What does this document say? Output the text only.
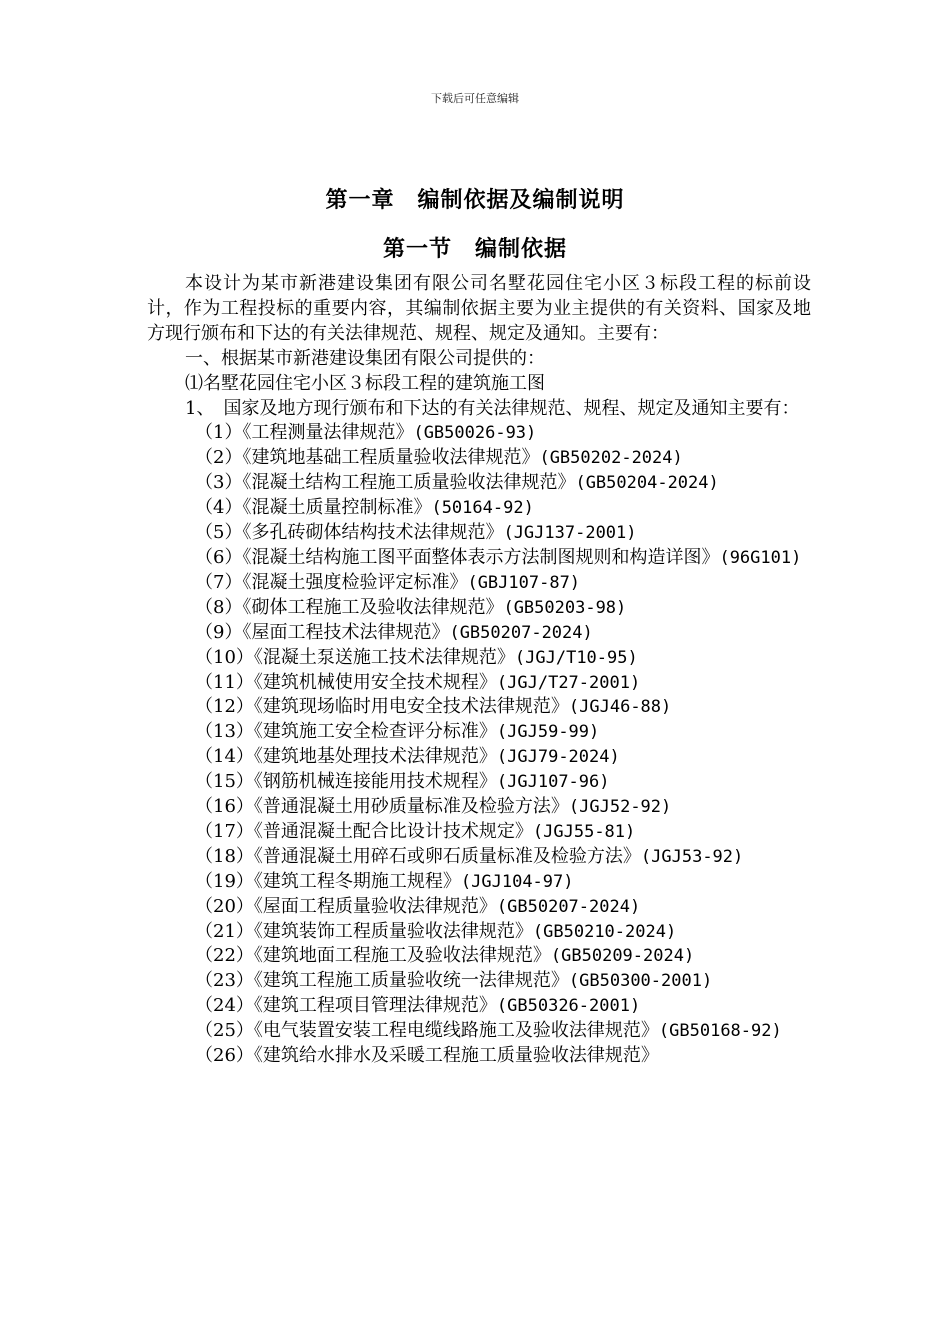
下载后可任意编辑
第一章　编制依据及编制说明
第一节　编制依据

本设计为某市新港建设集团有限公司名墅花园住宅小区３标段工程的标前设计，作为工程投标的重要内容，其编制依据主要为业主提供的有关资料、国家及地方现行颁布和下达的有关法律规范、规程、规定及通知。主要有：

一、根据某市新港建设集团有限公司提供的：

⑴名墅花园住宅小区３标段工程的建筑施工图

1、　国家及地方现行颁布和下达的有关法律规范、规程、规定及通知主要有：

（1）《工程测量法律规范》(GB50026-93)

（2）《建筑地基础工程质量验收法律规范》(GB50202-2024)

（3）《混凝土结构工程施工质量验收法律规范》(GB50204-2024)

（4）《混凝土质量控制标准》(50164-92)

（5）《多孔砖砌体结构技术法律规范》(JGJ137-2001)

（6）《混凝土结构施工图平面整体表示方法制图规则和构造详图》(96G101)

（7）《混凝土强度检验评定标准》(GBJ107-87)

（8）《砌体工程施工及验收法律规范》(GB50203-98)

（9）《屋面工程技术法律规范》(GB50207-2024)

（10）《混凝土泵送施工技术法律规范》(JGJ/T10-95)

（11）《建筑机械使用安全技术规程》(JGJ/T27-2001)

（12）《建筑现场临时用电安全技术法律规范》(JGJ46-88)

（13）《建筑施工安全检查评分标准》(JGJ59-99)

（14）《建筑地基处理技术法律规范》(JGJ79-2024)

（15）《钢筋机械连接能用技术规程》(JGJ107-96)

（16）《普通混凝土用砂质量标准及检验方法》(JGJ52-92)

（17）《普通混凝土配合比设计技术规定》(JGJ55-81)

（18）《普通混凝土用碎石或卵石质量标准及检验方法》(JGJ53-92)

（19）《建筑工程冬期施工规程》(JGJ104-97)

（20）《屋面工程质量验收法律规范》(GB50207-2024)

（21）《建筑装饰工程质量验收法律规范》(GB50210-2024)

（22）《建筑地面工程施工及验收法律规范》(GB50209-2024)

（23）《建筑工程施工质量验收统一法律规范》(GB50300-2001)

（24）《建筑工程项目管理法律规范》(GB50326-2001)

（25）《电气装置安装工程电缆线路施工及验收法律规范》(GB50168-92)

（26）《建筑给水排水及采暖工程施工质量验收法律规范》
